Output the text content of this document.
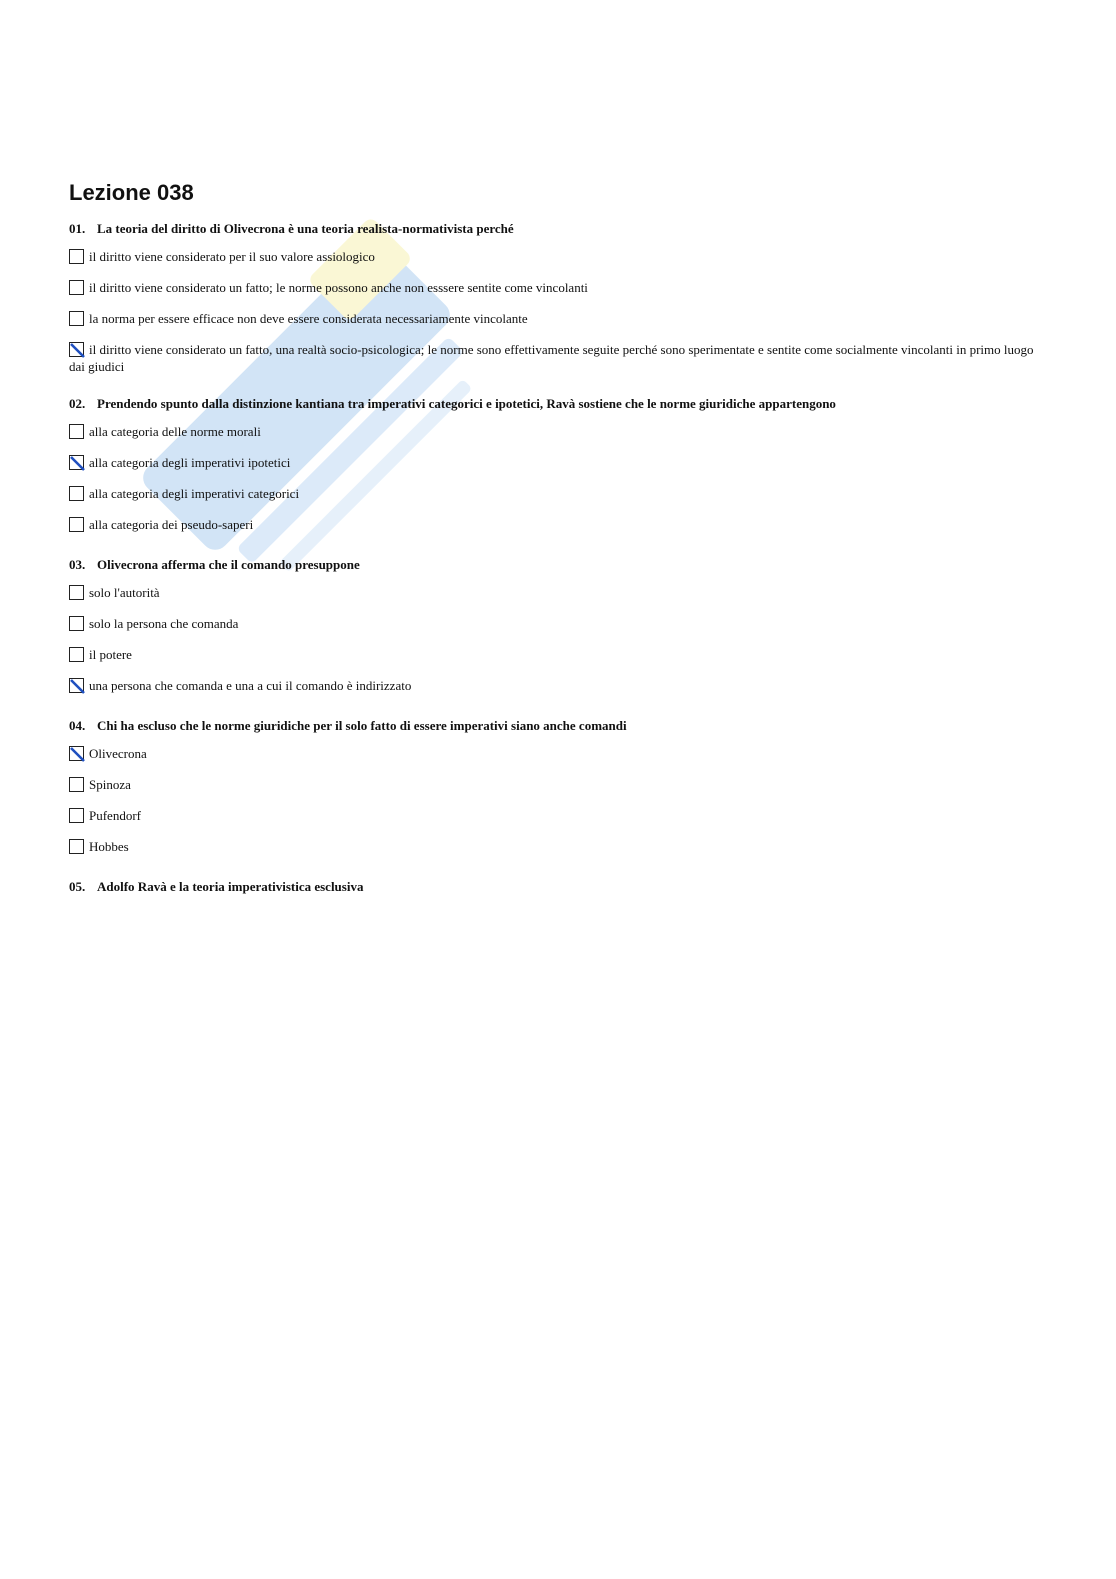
Lezione 038
01. La teoria del diritto di Olivecrona è una teoria realista-normativista perché
il diritto viene considerato per il suo valore assiologico
il diritto viene considerato un fatto; le norme possono anche non esssere sentite come vincolanti
la norma per essere efficace non deve essere considerata necessariamente vincolante
il diritto viene considerato un fatto, una realtà socio-psicologica; le norme sono effettivamente seguite perché sono sperimentate e sentite come socialmente vincolanti in primo luogo dai giudici
02. Prendendo spunto dalla distinzione kantiana tra imperativi categorici e ipotetici, Ravà sostiene che le norme giuridiche appartengono
alla categoria delle norme morali
alla categoria degli imperativi ipotetici
alla categoria degli imperativi categorici
alla categoria dei pseudo-saperi
03. Olivecrona afferma che il comando presuppone
solo l'autorità
solo la persona che comanda
il potere
una persona che comanda e una a cui il comando è indirizzato
04. Chi ha escluso che le norme giuridiche per il solo fatto di essere imperativi siano anche comandi
Olivecrona
Spinoza
Pufendorf
Hobbes
05. Adolfo Ravà e la teoria imperativistica esclusiva
